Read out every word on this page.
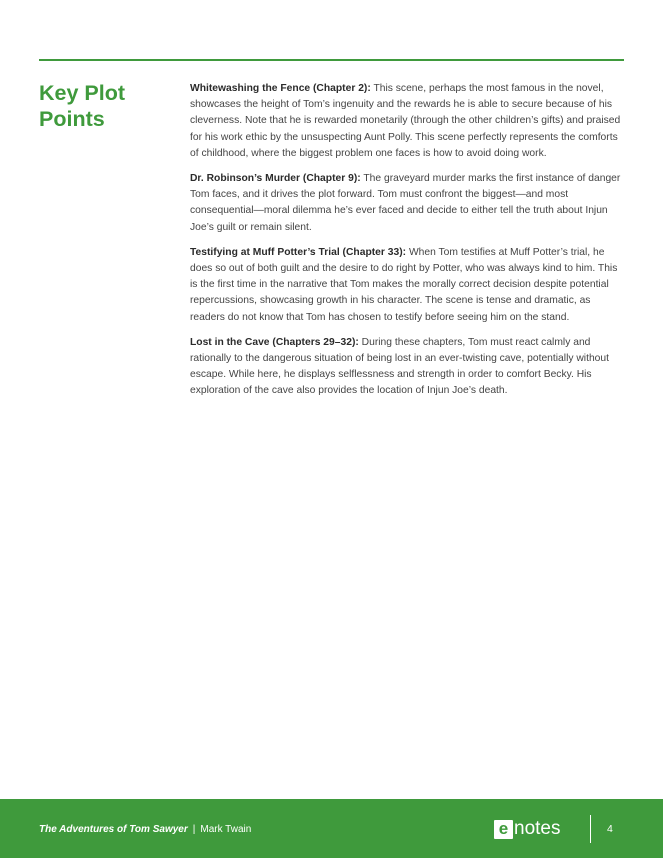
Key Plot Points

Whitewashing the Fence (Chapter 2): This scene, perhaps the most famous in the novel, showcases the height of Tom’s ingenuity and the rewards he is able to secure because of his cleverness. Note that he is rewarded monetarily (through the other children’s gifts) and praised for his work ethic by the unsuspecting Aunt Polly. This scene perfectly represents the comforts of childhood, where the biggest problem one faces is how to avoid doing work.

Dr. Robinson’s Murder (Chapter 9): The graveyard murder marks the first instance of danger Tom faces, and it drives the plot forward. Tom must confront the biggest—and most consequential—moral dilemma he’s ever faced and decide to either tell the truth about Injun Joe’s guilt or remain silent.

Testifying at Muff Potter’s Trial (Chapter 33): When Tom testifies at Muff Potter’s trial, he does so out of both guilt and the desire to do right by Potter, who was always kind to him. This is the first time in the narrative that Tom makes the morally correct decision despite potential repercussions, showcasing growth in his character. The scene is tense and dramatic, as readers do not know that Tom has chosen to testify before seeing him on the stand.

Lost in the Cave (Chapters 29–32): During these chapters, Tom must react calmly and rationally to the dangerous situation of being lost in an ever-twisting cave, potentially without escape. While here, he displays selflessness and strength in order to comfort Becky. His exploration of the cave also provides the location of Injun Joe’s death.

The Adventures of Tom Sawyer | Mark Twain	e notes	4
